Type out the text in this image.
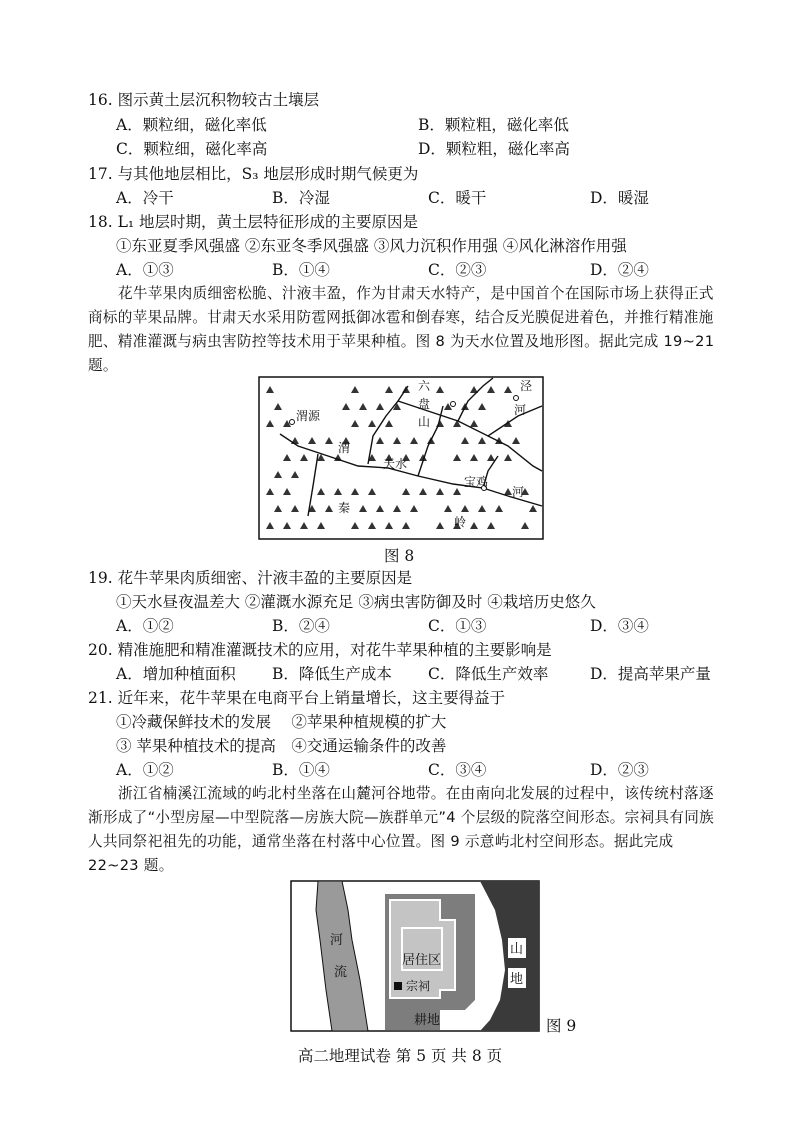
16. 图示黄土层沉积物较古土壤层
A．颗粒细，磁化率低	B．颗粒粗，磁化率低
C．颗粒细，磁化率高	D．颗粒粗，磁化率高
17. 与其他地层相比，S₃ 地层形成时期气候更为
A．冷干	B．冷湿	C．暖干	D．暖湿
18. L₁ 地层时期，黄土层特征形成的主要原因是
①东亚夏季风强盛 ②东亚冬季风强盛 ③风力沉积作用强 ④风化淋溶作用强
A．①③	B．①④	C．②③	D．②④
花牛苹果肉质细密松脆、汁液丰盈，作为甘肃天水特产，是中国首个在国际市场上获得正式商标的苹果品牌。甘肃天水采用防雹网抵御冰雹和倒春寒，结合反光膜促进着色，并推行精准施肥、精准灌溉与病虫害防控等技术用于苹果种植。图 8 为天水位置及地形图。据此完成 19~21 题。
渭源
渭
天水
秦
岭
宝鸡
河
六
盘
山
泾
河
图 8
19. 花牛苹果肉质细密、汁液丰盈的主要原因是
①天水昼夜温差大 ②灌溉水源充足 ③病虫害防御及时 ④栽培历史悠久
A．①②	B．②④	C．①③	D．③④
20. 精准施肥和精准灌溉技术的应用，对花牛苹果种植的主要影响是
A．增加种植面积 B．降低生产成本 C．降低生产效率	D．提高苹果产量
21. 近年来，花牛苹果在电商平台上销量增长，这主要得益于
①冷藏保鲜技术的发展　 ②苹果种植规模的扩大
③ 苹果种植技术的提高　④交通运输条件的改善
A．①②	B．①④	C．③④	D．②③
浙江省楠溪江流域的屿北村坐落在山麓河谷地带。在由南向北发展的过程中，该传统村落逐渐形成了“小型房屋—中型院落—房族大院—族群单元”4 个层级的院落空间形态。宗祠具有同族人共同祭祀祖先的功能，通常坐落在村落中心位置。图 9 示意屿北村空间形态。据此完成 22~23 题。
河
流
居住区
宗祠
耕地
山
地
图 9
高二地理试卷 第 5 页 共 8 页
